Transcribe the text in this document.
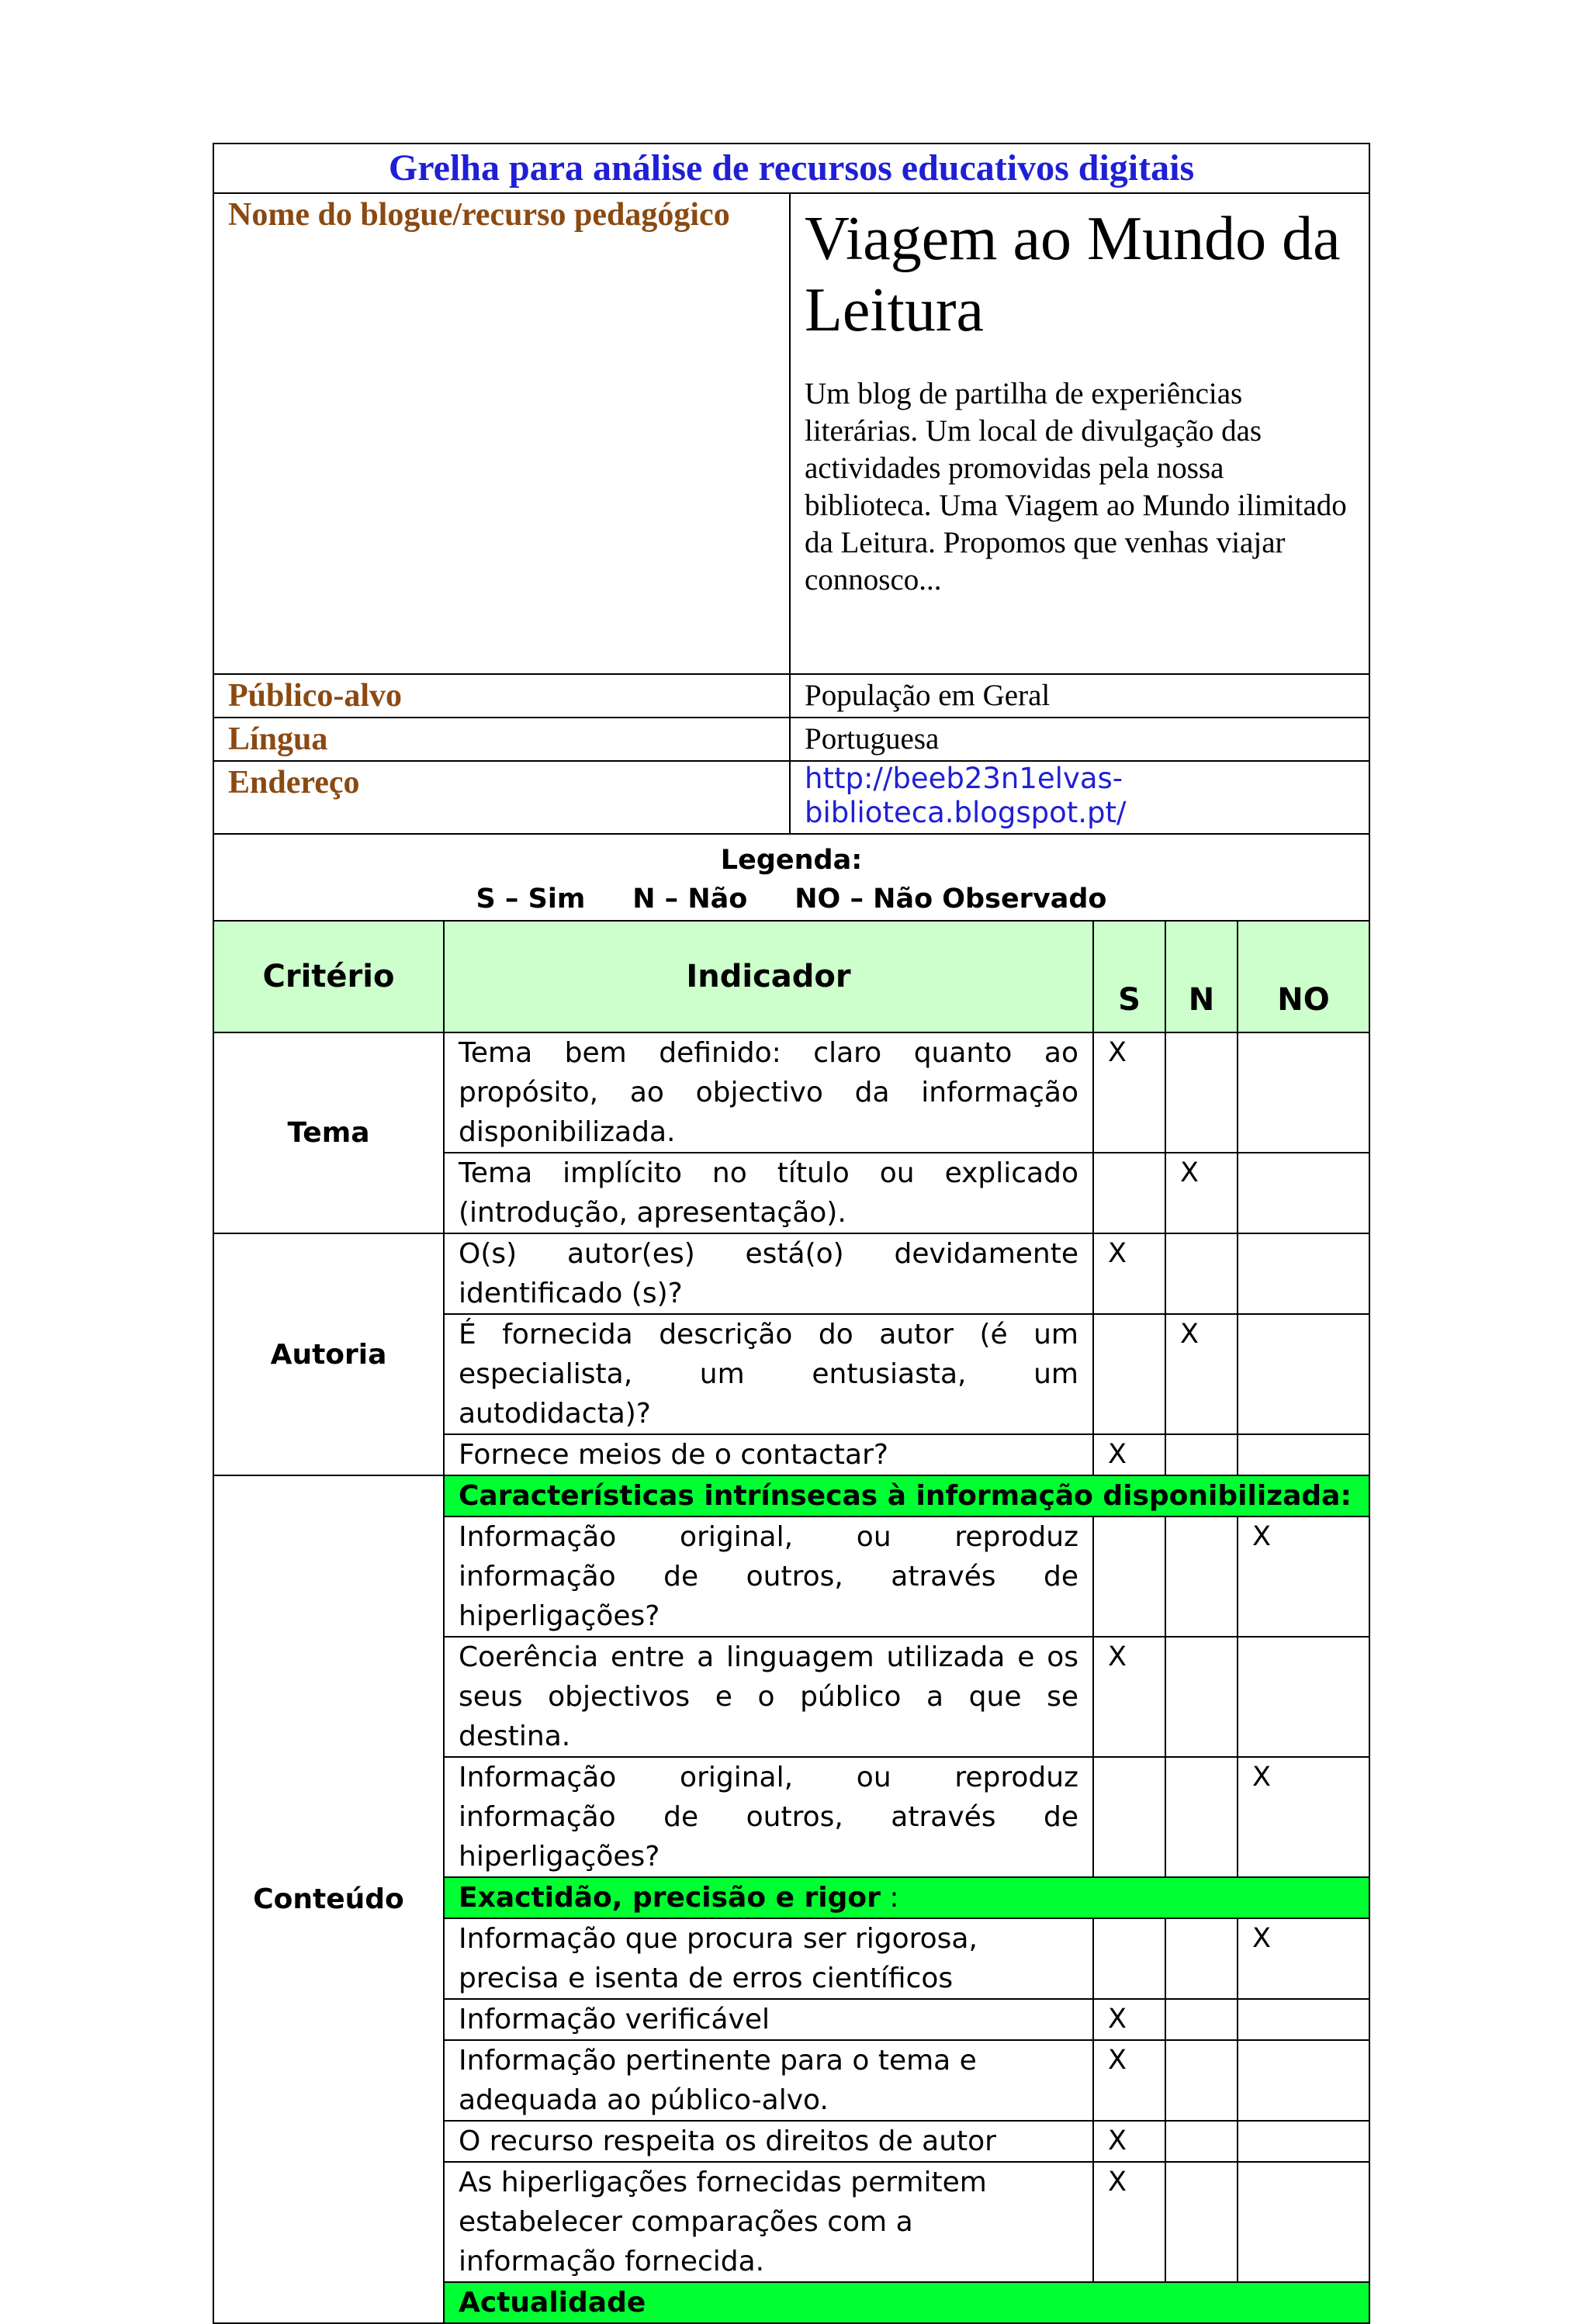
Grelha para análise de recursos educativos digitais	
Nome do blogue/recurso pedagógico	Viagem ao Mundo da Leitura

Um blog de partilha de experiências literárias. Um local de divulgação das actividades promovidas pela nossa biblioteca. Uma Viagem ao Mundo ilimitado da Leitura. Propomos que venhas viajar connosco...

Público-alvo	População em Geral
Língua	Portuguesa
Endereço	http://beeb23n1elvas-
biblioteca.blogspot.pt/

Legenda:
S – Sim     N – Não     NO – Não Observado	
Critério	Indicador	S	N	NO
Tema	Tema bem definido: claro quanto ao propósito, ao objectivo da informação disponibilizada.	X		
	Tema implícito no título ou explicado (introdução, apresentação).		X	
Autoria	O(s) autor(es) está(o) devidamente identificado (s)?	X		
	É fornecida descrição do autor (é um especialista, um entusiasta, um autodidacta)?		X	
	Fornece meios de o contactar?	X		
Conteúdo	Características intrínsecas à informação disponibilizada:			
	Informação original, ou reproduz informação de outros, através de hiperligações?			X
	Coerência entre a linguagem utilizada e os seus objectivos e o público a que se destina.	X		
	Informação original, ou reproduz informação de outros, através de hiperligações?			X
	Exactidão, precisão e rigor :			
	Informação que procura ser rigorosa, precisa e isenta de erros científicos			X
	Informação verificável	X		
	Informação pertinente para o tema e adequada ao público-alvo.	X		
	O recurso respeita os direitos de autor	X		
	As hiperligações fornecidas permitem estabelecer comparações com a informação fornecida.	X		
	Actualidade			
